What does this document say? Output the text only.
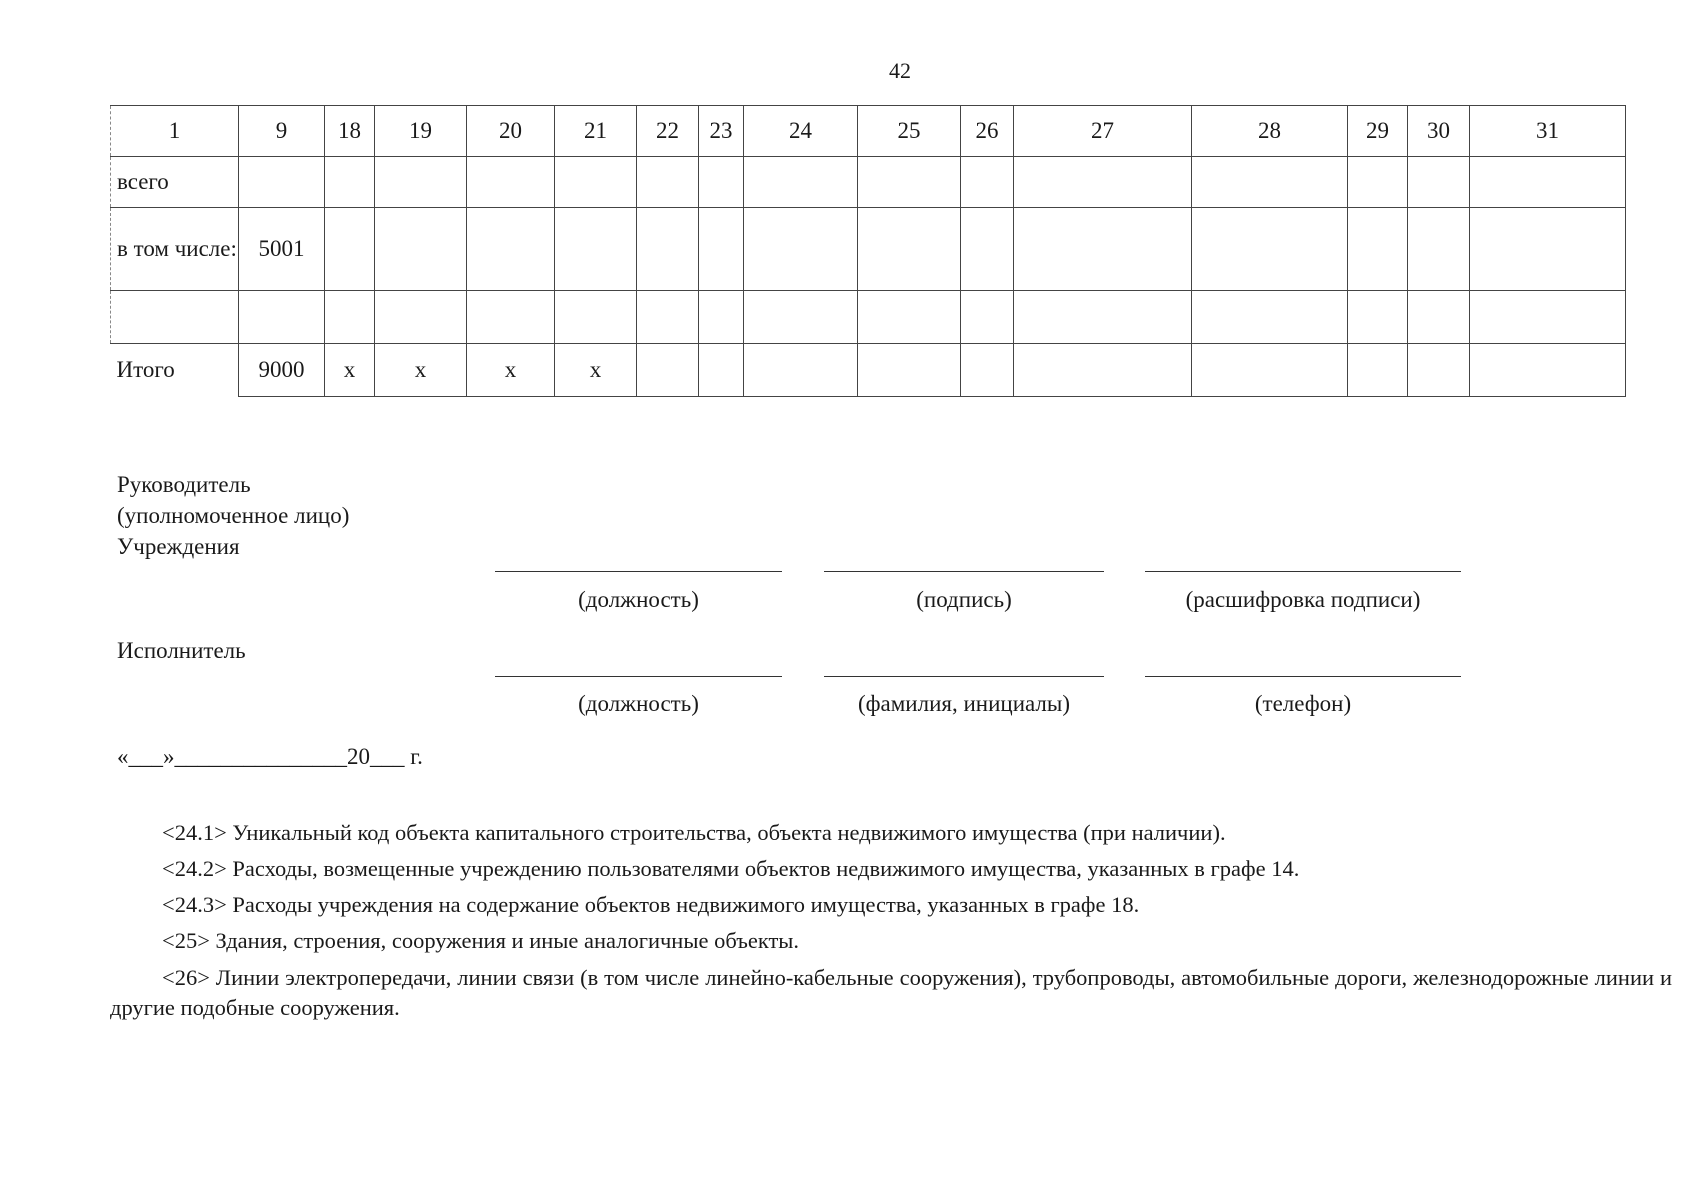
42
1	9	18	19	20	21	22	23	24	25	26	27	28	29	30	31
всего															
в том числе:	5001														

Итого	9000	x	x	x	x										
Руководитель
(уполномоченное лицо)
Учреждения
(должность)	(подпись)	(расшифровка подписи)
Исполнитель
(должность)	(фамилия, инициалы)	(телефон)
«___»_______________20___ г.

<24.1> Уникальный код объекта капитального строительства, объекта недвижимого имущества (при наличии).

<24.2> Расходы, возмещенные учреждению пользователями объектов недвижимого имущества, указанных в графе 14.

<24.3> Расходы учреждения на содержание объектов недвижимого имущества, указанных в графе 18.

<25> Здания, строения, сооружения и иные аналогичные объекты.

<26> Линии электропередачи, линии связи (в том числе линейно-кабельные сооружения), трубопроводы, автомобильные дороги, железнодорожные линии и другие подобные сооружения.
